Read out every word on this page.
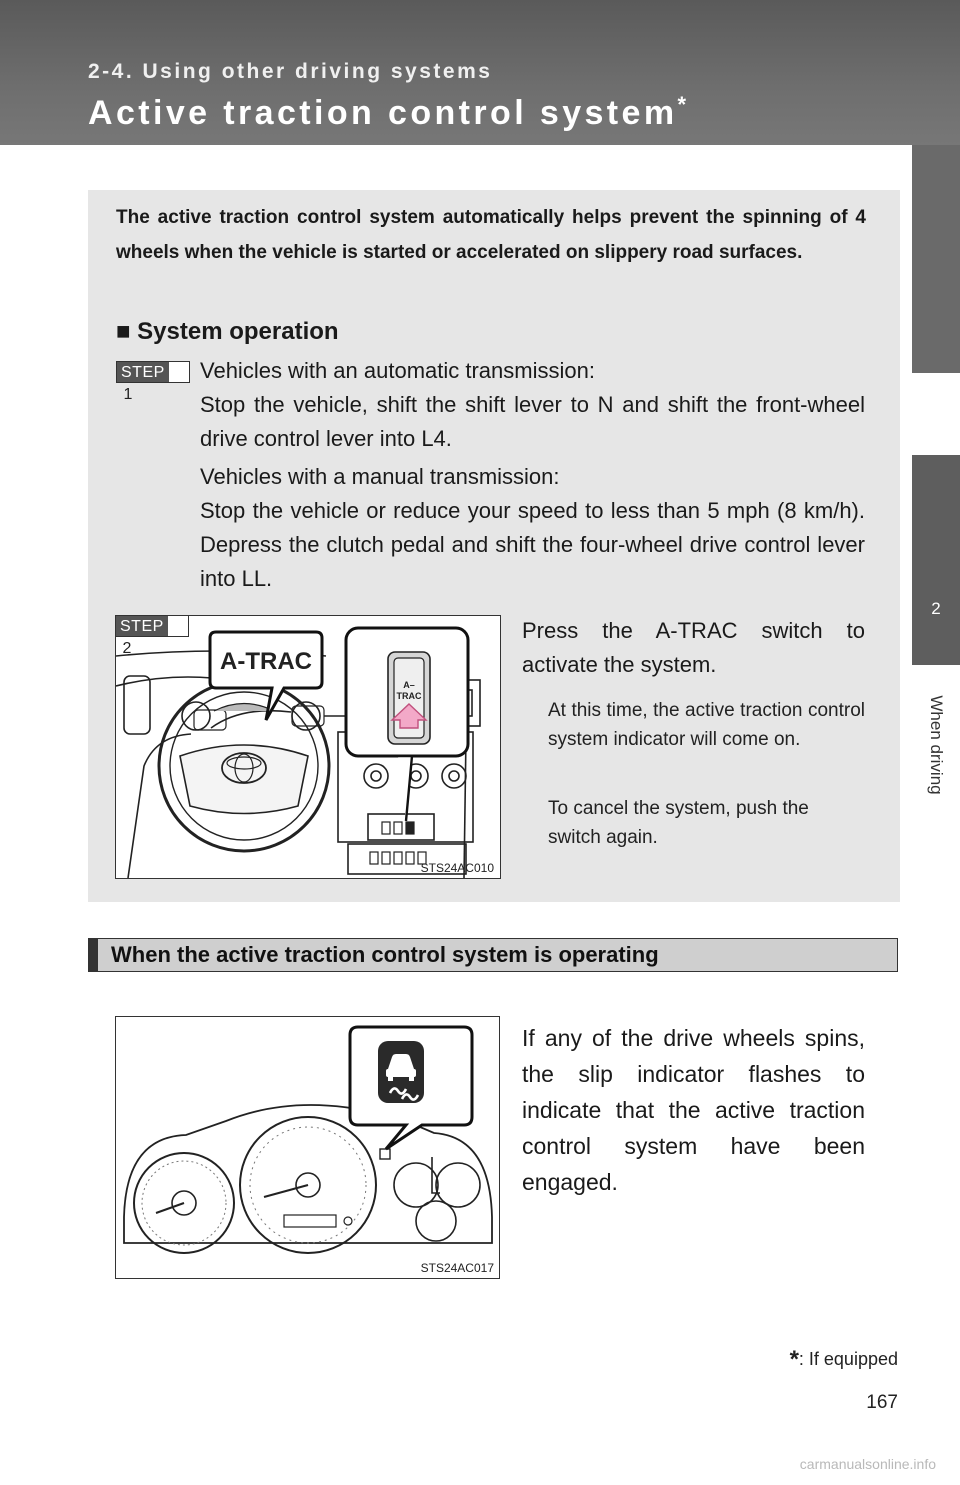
2-4. Using other driving systems
Active traction control system*
2
When driving
The active traction control system automatically helps prevent the spinning of 4 wheels when the vehicle is started or accelerated on slippery road surfaces.
■ System operation
STEP1
Vehicles with an automatic transmission:
Stop the vehicle, shift the shift lever to N and shift the front-wheel drive control lever into L4.
Vehicles with a manual transmission:
Stop the vehicle or reduce your speed to less than 5 mph (8 km/h). Depress the clutch pedal and shift the four-wheel drive control lever into LL.
A-TRAC
A–
TRAC
STS24AC010
STEP2
Press the A-TRAC switch to activate the system.
At this time, the active traction control system indicator will come on.
To cancel the system, push the switch again.
When the active traction control system is operating
STS24AC017
If any of the drive wheels spins, the slip indicator flashes to indicate that the active traction control system have been engaged.
*: If equipped
167
carmanualsonline.info
